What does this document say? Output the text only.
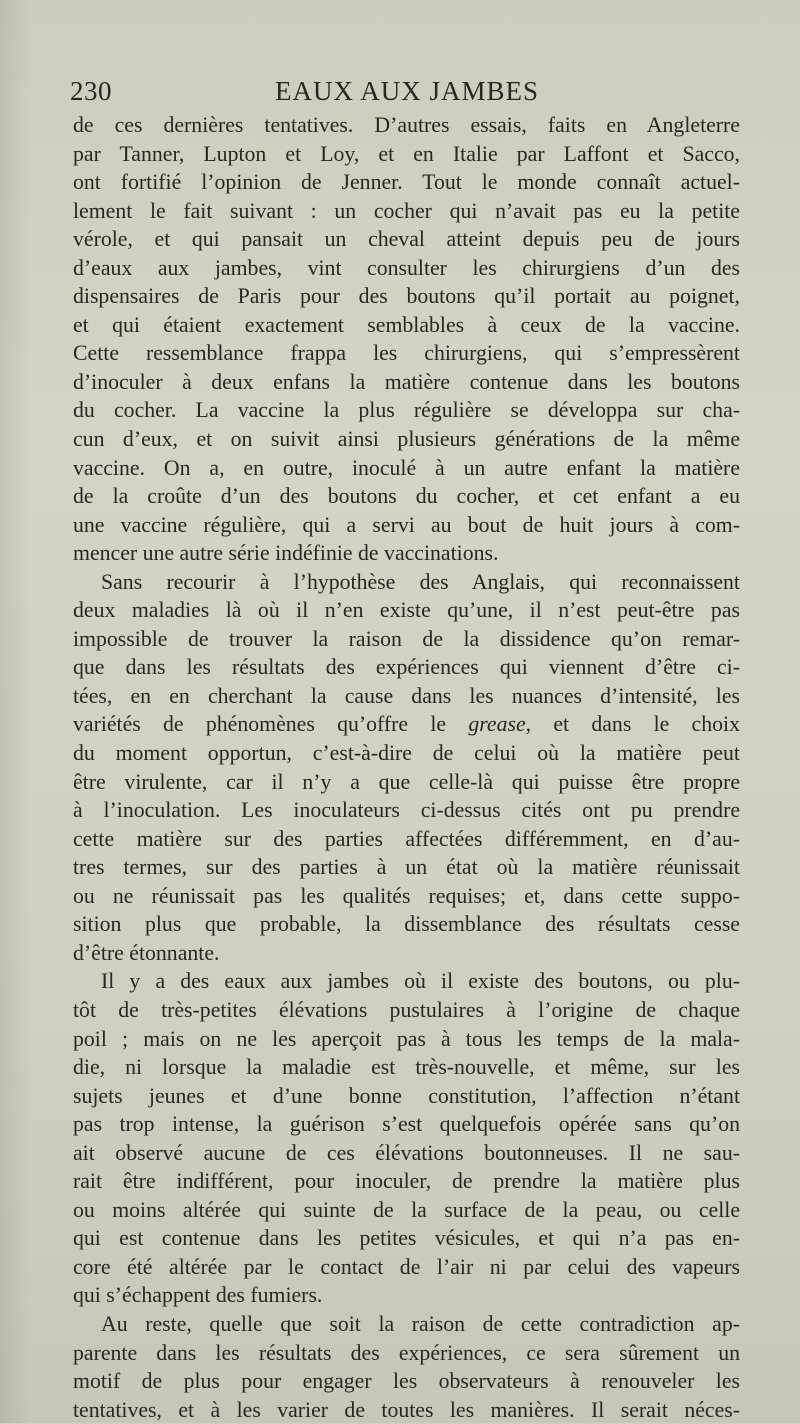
230	EAUX AUX JAMBES
de ces dernières tentatives. D’autres essais, faits en Angleterre
par Tanner, Lupton et Loy, et en Italie par Laffont et Sacco,
ont fortifié l’opinion de Jenner. Tout le monde connaît actuel-
lement le fait suivant : un cocher qui n’avait pas eu la petite
vérole, et qui pansait un cheval atteint depuis peu de jours
d’eaux aux jambes, vint consulter les chirurgiens d’un des
dispensaires de Paris pour des boutons qu’il portait au poignet,
et qui étaient exactement semblables à ceux de la vaccine.
Cette ressemblance frappa les chirurgiens, qui s’empressèrent
d’inoculer à deux enfans la matière contenue dans les boutons
du cocher. La vaccine la plus régulière se développa sur cha-
cun d’eux, et on suivit ainsi plusieurs générations de la même
vaccine. On a, en outre, inoculé à un autre enfant la matière
de la croûte d’un des boutons du cocher, et cet enfant a eu
une vaccine régulière, qui a servi au bout de huit jours à com-
mencer une autre série indéfinie de vaccinations.
Sans recourir à l’hypothèse des Anglais, qui reconnaissent
deux maladies là où il n’en existe qu’une, il n’est peut-être pas
impossible de trouver la raison de la dissidence qu’on remar-
que dans les résultats des expériences qui viennent d’être ci-
tées, en en cherchant la cause dans les nuances d’intensité, les
variétés de phénomènes qu’offre le grease, et dans le choix
du moment opportun, c’est-à-dire de celui où la matière peut
être virulente, car il n’y a que celle-là qui puisse être propre
à l’inoculation. Les inoculateurs ci-dessus cités ont pu prendre
cette matière sur des parties affectées différemment, en d’au-
tres termes, sur des parties à un état où la matière réunissait
ou ne réunissait pas les qualités requises; et, dans cette suppo-
sition plus que probable, la dissemblance des résultats cesse
d’être étonnante.
Il y a des eaux aux jambes où il existe des boutons, ou plu-
tôt de très-petites élévations pustulaires à l’origine de chaque
poil ; mais on ne les aperçoit pas à tous les temps de la mala-
die, ni lorsque la maladie est très-nouvelle, et même, sur les
sujets jeunes et d’une bonne constitution, l’affection n’étant
pas trop intense, la guérison s’est quelquefois opérée sans qu’on
ait observé aucune de ces élévations boutonneuses. Il ne sau-
rait être indifférent, pour inoculer, de prendre la matière plus
ou moins altérée qui suinte de la surface de la peau, ou celle
qui est contenue dans les petites vésicules, et qui n’a pas en-
core été altérée par le contact de l’air ni par celui des vapeurs
qui s’échappent des fumiers.
Au reste, quelle que soit la raison de cette contradiction ap-
parente dans les résultats des expériences, ce sera sûrement un
motif de plus pour engager les observateurs à renouveler les
tentatives, et à les varier de toutes les manières. Il serait néces-
